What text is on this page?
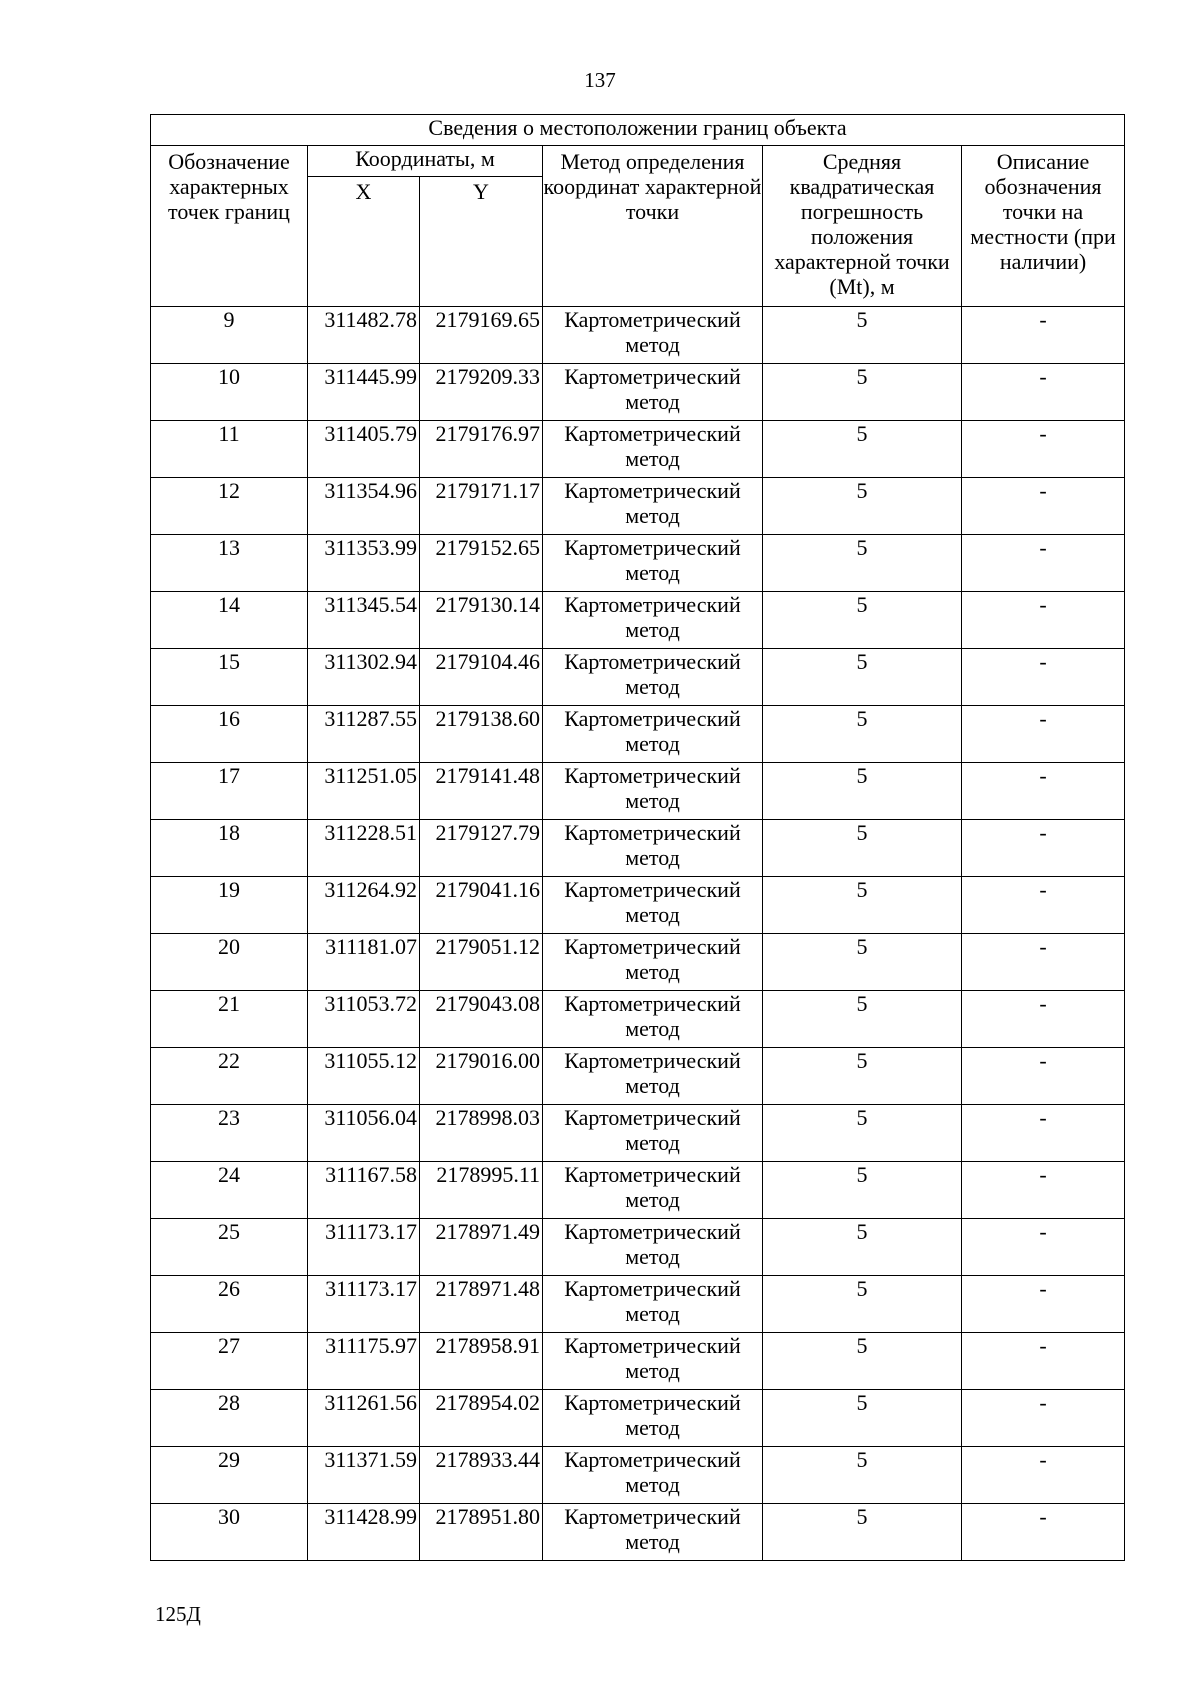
137
Сведения о местоположении границ объекта					

Обозначение характерных точек границ	Координаты, м		Метод определения координат характерной точки	Средняя квадратическая погрешность положения характерной точки (Mt), м	Описание обозначения точки на местности (при наличии)

	X	Y			
9	311482.78	2179169.65	Картометрический метод	5	-
10	311445.99	2179209.33	Картометрический метод	5	-
11	311405.79	2179176.97	Картометрический метод	5	-
12	311354.96	2179171.17	Картометрический метод	5	-
13	311353.99	2179152.65	Картометрический метод	5	-
14	311345.54	2179130.14	Картометрический метод	5	-
15	311302.94	2179104.46	Картометрический метод	5	-
16	311287.55	2179138.60	Картометрический метод	5	-
17	311251.05	2179141.48	Картометрический метод	5	-
18	311228.51	2179127.79	Картометрический метод	5	-
19	311264.92	2179041.16	Картометрический метод	5	-
20	311181.07	2179051.12	Картометрический метод	5	-
21	311053.72	2179043.08	Картометрический метод	5	-
22	311055.12	2179016.00	Картометрический метод	5	-
23	311056.04	2178998.03	Картометрический метод	5	-
24	311167.58	2178995.11	Картометрический метод	5	-
25	311173.17	2178971.49	Картометрический метод	5	-
26	311173.17	2178971.48	Картометрический метод	5	-
27	311175.97	2178958.91	Картометрический метод	5	-
28	311261.56	2178954.02	Картометрический метод	5	-
29	311371.59	2178933.44	Картометрический метод	5	-
30	311428.99	2178951.80	Картометрический метод	5	-
125Д
